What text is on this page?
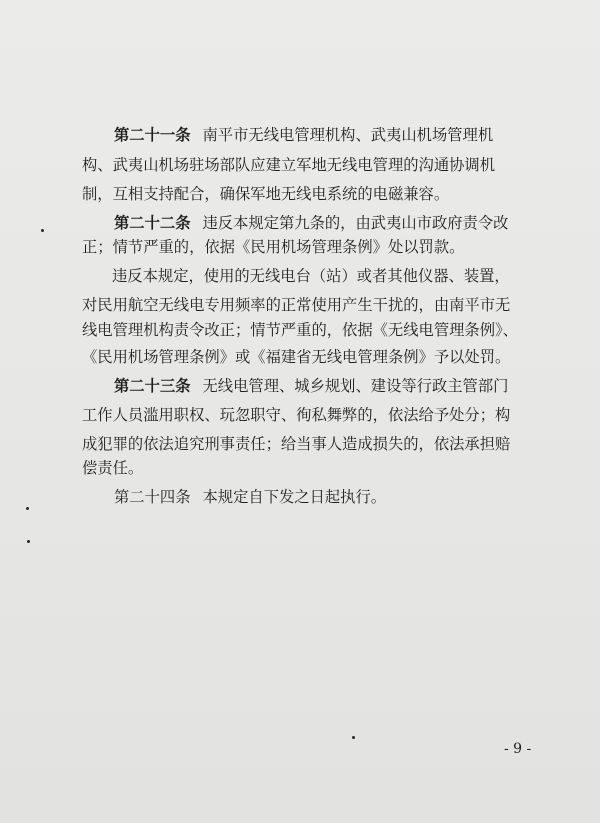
第二十一条 南平市无线电管理机构、武夷山机场管理机
构、武夷山机场驻场部队应建立军地无线电管理的沟通协调机
制，互相支持配合，确保军地无线电系统的电磁兼容。
第二十二条 违反本规定第九条的，由武夷山市政府责令改
正；情节严重的，依据《民用机场管理条例》处以罚款。
违反本规定，使用的无线电台（站）或者其他仪器、装置，
对民用航空无线电专用频率的正常使用产生干扰的，由南平市无
线电管理机构责令改正；情节严重的，依据《无线电管理条例》、
《民用机场管理条例》或《福建省无线电管理条例》予以处罚。
第二十三条 无线电管理、城乡规划、建设等行政主管部门
工作人员滥用职权、玩忽职守、徇私舞弊的，依法给予处分；构
成犯罪的依法追究刑事责任；给当事人造成损失的，依法承担赔
偿责任。
第二十四条 本规定自下发之日起执行。
- 9 -
